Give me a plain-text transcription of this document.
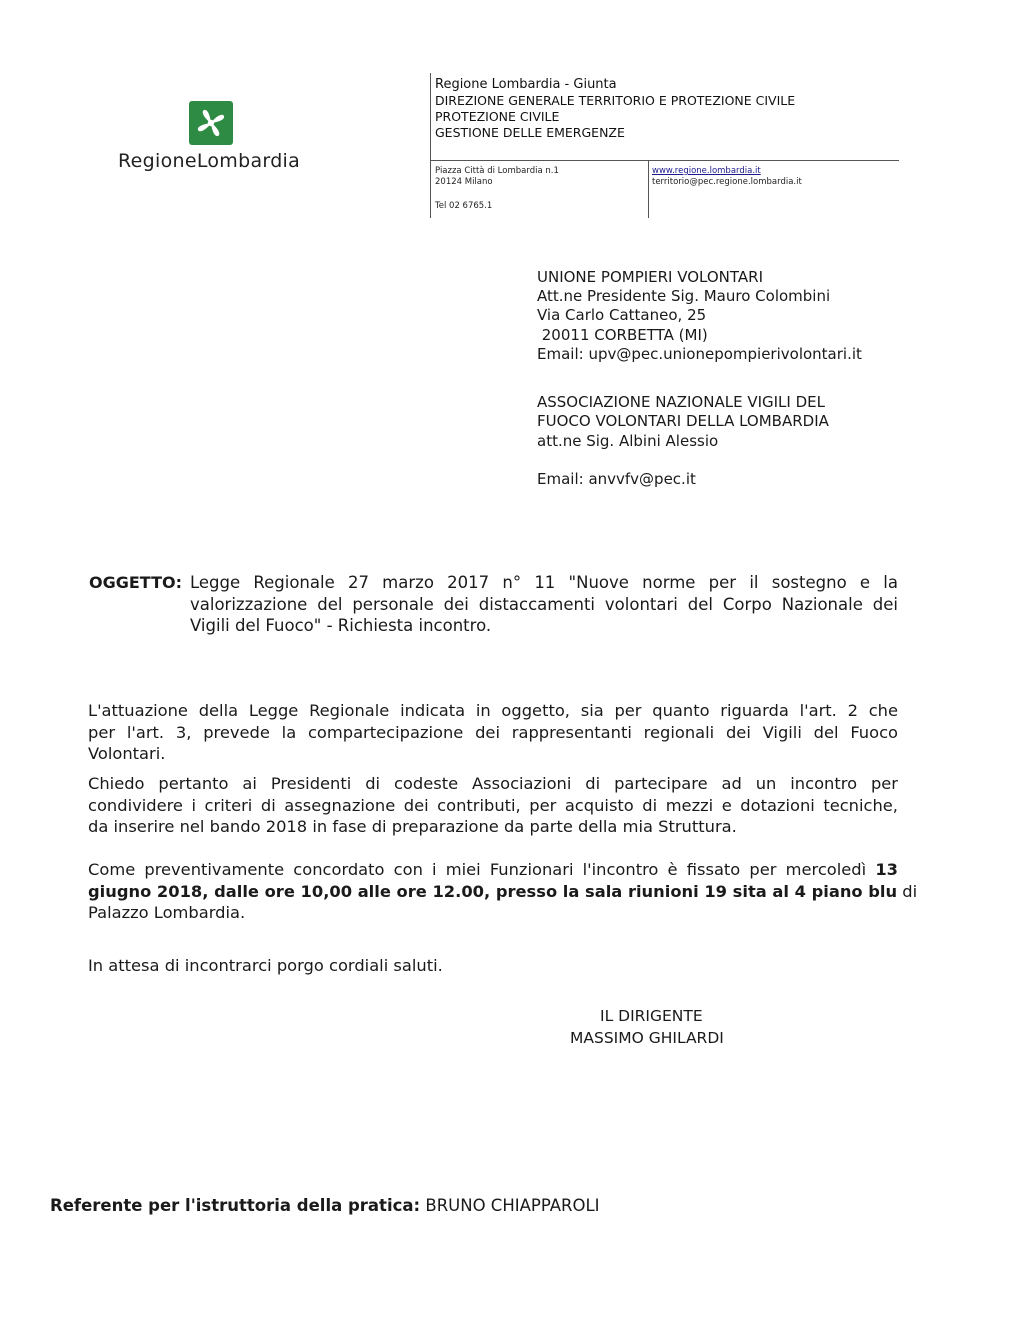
RegioneLombardia
Regione Lombardia - Giunta
DIREZIONE GENERALE TERRITORIO E PROTEZIONE CIVILE
PROTEZIONE CIVILE
GESTIONE DELLE EMERGENZE
Piazza Città di Lombardia n.1
20124 Milano
Tel 02 6765.1
www.regione.lombardia.it
territorio@pec.regione.lombardia.it
UNIONE POMPIERI VOLONTARI
Att.ne Presidente Sig. Mauro Colombini
Via Carlo Cattaneo, 25
20011 CORBETTA (MI)
Email: upv@pec.unionepompierivolontari.it
ASSOCIAZIONE NAZIONALE VIGILI DEL
FUOCO VOLONTARI DELLA LOMBARDIA
att.ne Sig. Albini Alessio
Email: anvvfv@pec.it
OGGETTO: Legge Regionale 27 marzo 2017 n° 11 "Nuove norme per il sostegno e la
valorizzazione del personale dei distaccamenti volontari del Corpo Nazionale dei
Vigili del Fuoco" - Richiesta incontro.
L'attuazione della Legge Regionale indicata in oggetto, sia per quanto riguarda l'art. 2 che
per l'art. 3, prevede la compartecipazione dei rappresentanti regionali dei Vigili del Fuoco
Volontari.
Chiedo pertanto ai Presidenti di codeste Associazioni di partecipare ad un incontro per
condividere i criteri di assegnazione dei contributi, per acquisto di mezzi e dotazioni tecniche,
da inserire nel bando 2018 in fase di preparazione da parte della mia Struttura.
Come preventivamente concordato con i miei Funzionari l'incontro è fissato per mercoledì 13
giugno 2018, dalle ore 10,00 alle ore 12.00, presso la sala riunioni 19 sita al 4 piano blu di
Palazzo Lombardia.
In attesa di incontrarci porgo cordiali saluti.
IL DIRIGENTE
MASSIMO GHILARDI
Referente per l'istruttoria della pratica: BRUNO CHIAPPAROLI
